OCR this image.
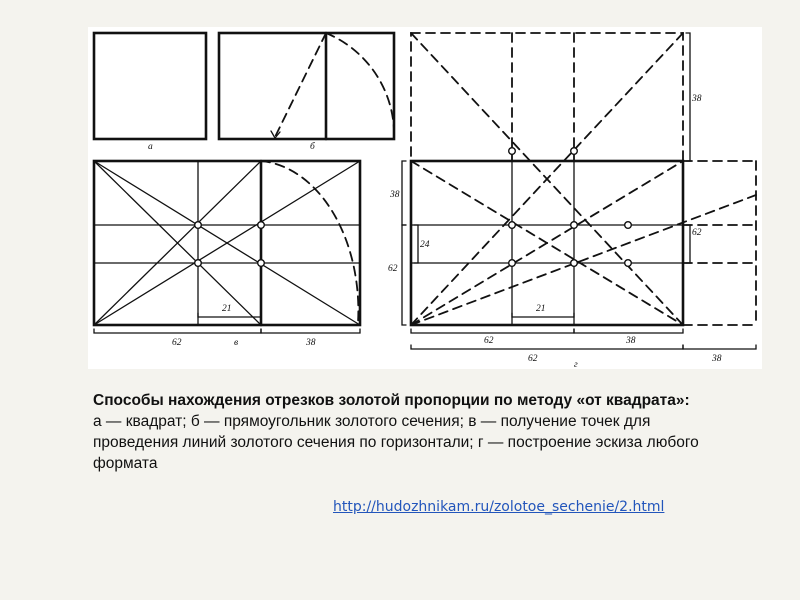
а	б
21
62	38
в
21
38
24
62
38
62
62	38
62	38
г
Способы нахождения отрезков золотой пропорции по методу «от квадрата»:
а — квадрат; б — прямоугольник золотого сечения; в — получение точек для проведения линий золотого сечения по горизонтали; г — построение эскиза любого формата
http://hudozhnikam.ru/zolotoe_sechenie/2.html
